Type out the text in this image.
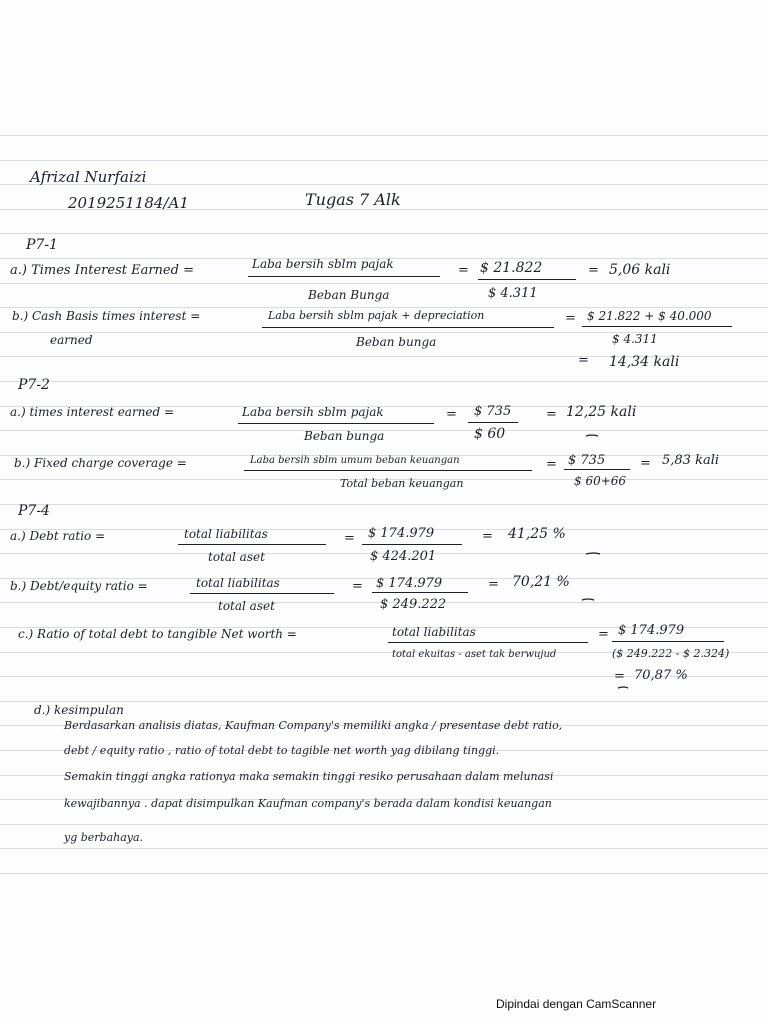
Afrizal Nurfaizi
2019251184/A1	Tugas 7 Alk
P7-1
a.) Times Interest Earned =	Laba bersih sblm pajak
Beban Bunga
= $ 21.822
$ 4.311
= 5,06 kali
b.) Cash Basis times interest =
earned
Laba bersih sblm pajak + depreciation
Beban bunga
= $ 21.822 + $ 40.000
$ 4.311
= 14,34 kali
P7-2
a.) times interest earned =	Laba bersih sblm pajak
Beban bunga
= $ 735
$ 60
= 12,25 kali
b.) Fixed charge coverage =	Laba bersih sblm umum beban keuangan
Total beban keuangan
= $ 735
$ 60+66
= 5,83 kali
P7-4
a.) Debt ratio =	total liabilitas
total aset
= $ 174.979
$ 424.201
= 41,25 %
b.) Debt/equity ratio =	total liabilitas
total aset
= $ 174.979
$ 249.222
= 70,21 %
c.) Ratio of total debt to tangible Net worth =	total liabilitas
total ekuitas - aset tak berwujud
= $ 174.979
($ 249.222 - $ 2.324)
= 70,87 %
d.) kesimpulan
Berdasarkan analisis diatas, Kaufman Company's memiliki angka / presentase debt ratio,
debt / equity ratio , ratio of total debt to tagible net worth yag dibilang tinggi.
Semakin tinggi angka rationya maka semakin tinggi resiko perusahaan dalam melunasi
kewajibannya . dapat disimpulkan Kaufman company's berada dalam kondisi keuangan
yg berbahaya.
Dipindai dengan CamScanner
